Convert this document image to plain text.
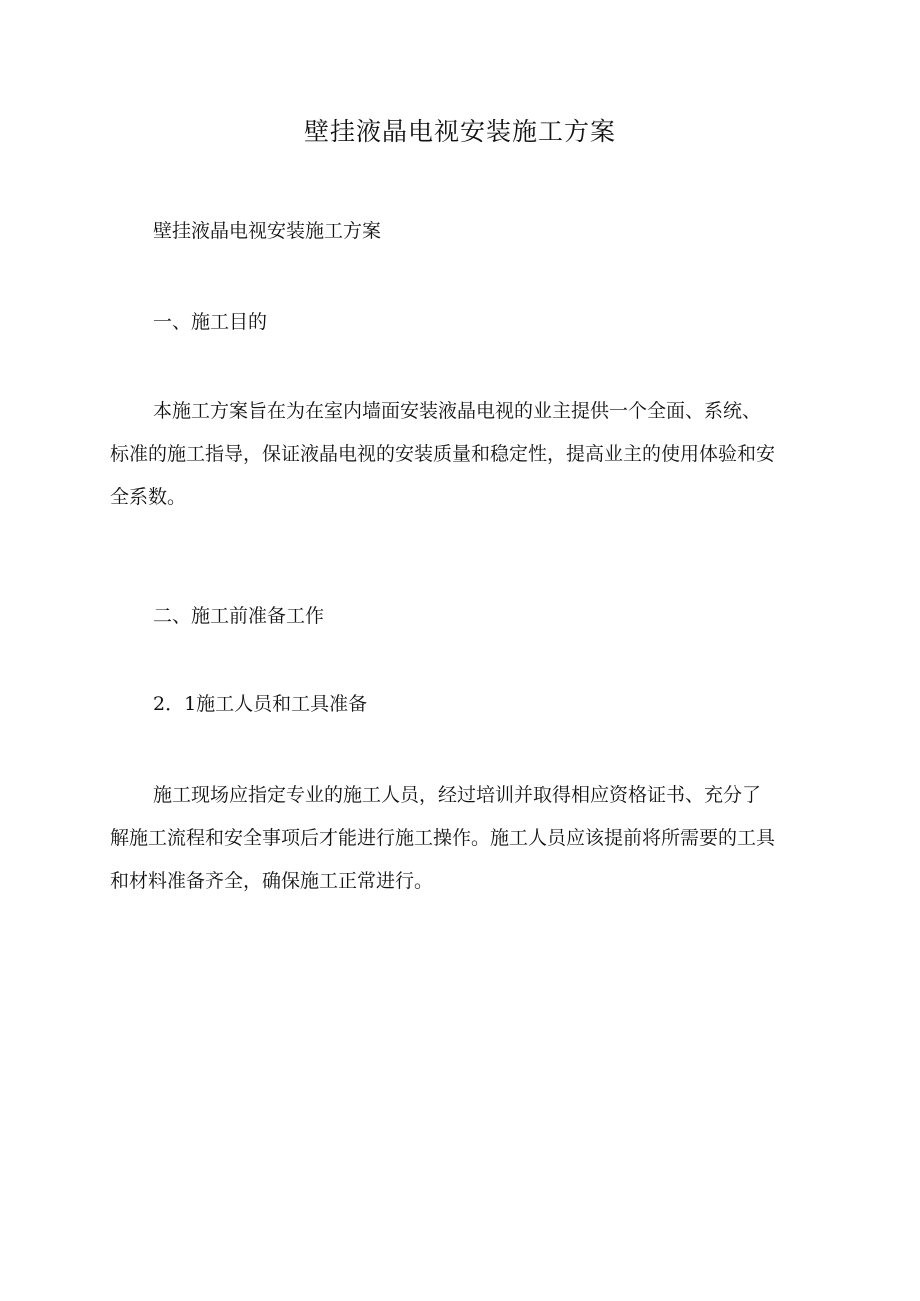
壁挂液晶电视安装施工方案

壁挂液晶电视安装施工方案

一、施工目的

本施工方案旨在为在室内墙面安装液晶电视的业主提供一个全面、系统、
标准的施工指导，保证液晶电视的安装质量和稳定性，提高业主的使用体验和安
全系数。

二、施工前准备工作

2．1施工人员和工具准备

施工现场应指定专业的施工人员，经过培训并取得相应资格证书、充分了
解施工流程和安全事项后才能进行施工操作。施工人员应该提前将所需要的工具
和材料准备齐全，确保施工正常进行。
